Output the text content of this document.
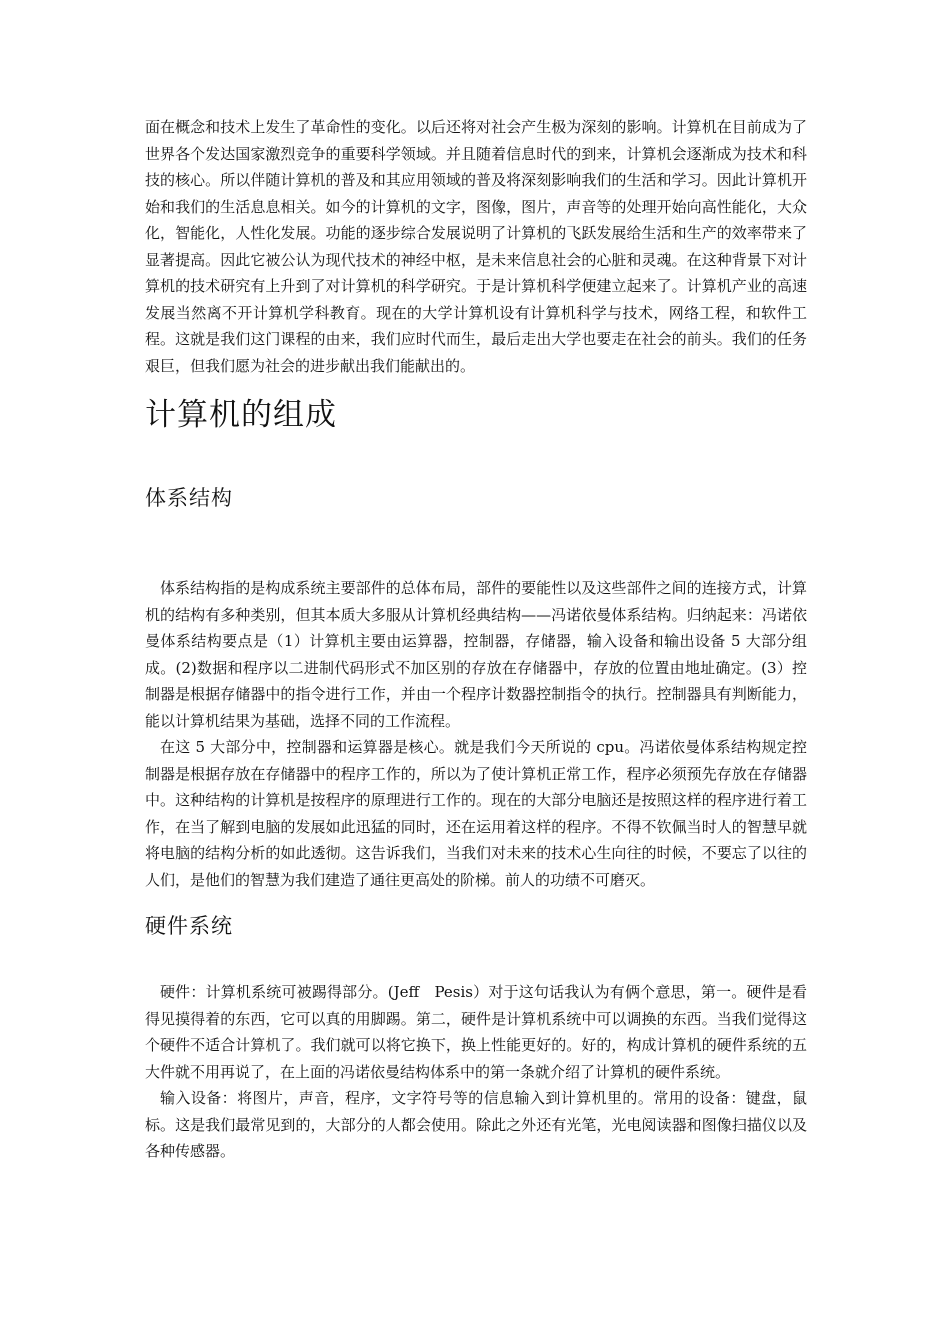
面在概念和技术上发生了革命性的变化。以后还将对社会产生极为深刻的影响。计算机在目前成为了世界各个发达国家激烈竞争的重要科学领域。并且随着信息时代的到来，计算机会逐渐成为技术和科技的核心。所以伴随计算机的普及和其应用领域的普及将深刻影响我们的生活和学习。因此计算机开始和我们的生活息息相关。如今的计算机的文字，图像，图片，声音等的处理开始向高性能化，大众化，智能化，人性化发展。功能的逐步综合发展说明了计算机的飞跃发展给生活和生产的效率带来了显著提高。因此它被公认为现代技术的神经中枢，是未来信息社会的心脏和灵魂。在这种背景下对计算机的技术研究有上升到了对计算机的科学研究。于是计算机科学便建立起来了。计算机产业的高速发展当然离不开计算机学科教育。现在的大学计算机设有计算机科学与技术，网络工程，和软件工程。这就是我们这门课程的由来，我们应时代而生，最后走出大学也要走在社会的前头。我们的任务艰巨，但我们愿为社会的进步献出我们能献出的。

计算机的组成
体系结构

体系结构指的是构成系统主要部件的总体布局，部件的要能性以及这些部件之间的连接方式，计算机的结构有多种类别，但其本质大多服从计算机经典结构——冯诺依曼体系结构。归纳起来：冯诺依曼体系结构要点是（1）计算机主要由运算器，控制器，存储器，输入设备和输出设备 5 大部分组成。(2)数据和程序以二进制代码形式不加区别的存放在存储器中，存放的位置由地址确定。(3）控制器是根据存储器中的指令进行工作，并由一个程序计数器控制指令的执行。控制器具有判断能力，能以计算机结果为基础，选择不同的工作流程。

在这 5 大部分中，控制器和运算器是核心。就是我们今天所说的 cpu。冯诺依曼体系结构规定控制器是根据存放在存储器中的程序工作的，所以为了使计算机正常工作，程序必须预先存放在存储器中。这种结构的计算机是按程序的原理进行工作的。现在的大部分电脑还是按照这样的程序进行着工作，在当了解到电脑的发展如此迅猛的同时，还在运用着这样的程序。不得不钦佩当时人的智慧早就将电脑的结构分析的如此透彻。这告诉我们，当我们对未来的技术心生向往的时候，不要忘了以往的人们，是他们的智慧为我们建造了通往更高处的阶梯。前人的功绩不可磨灭。

硬件系统

硬件：计算机系统可被踢得部分。(Jeff　Pesis）对于这句话我认为有俩个意思，第一。硬件是看得见摸得着的东西，它可以真的用脚踢。第二，硬件是计算机系统中可以调换的东西。当我们觉得这个硬件不适合计算机了。我们就可以将它换下，换上性能更好的。好的，构成计算机的硬件系统的五大件就不用再说了，在上面的冯诺依曼结构体系中的第一条就介绍了计算机的硬件系统。

输入设备：将图片，声音，程序，文字符号等的信息输入到计算机里的。常用的设备：键盘，鼠标。这是我们最常见到的，大部分的人都会使用。除此之外还有光笔，光电阅读器和图像扫描仪以及各种传感器。
